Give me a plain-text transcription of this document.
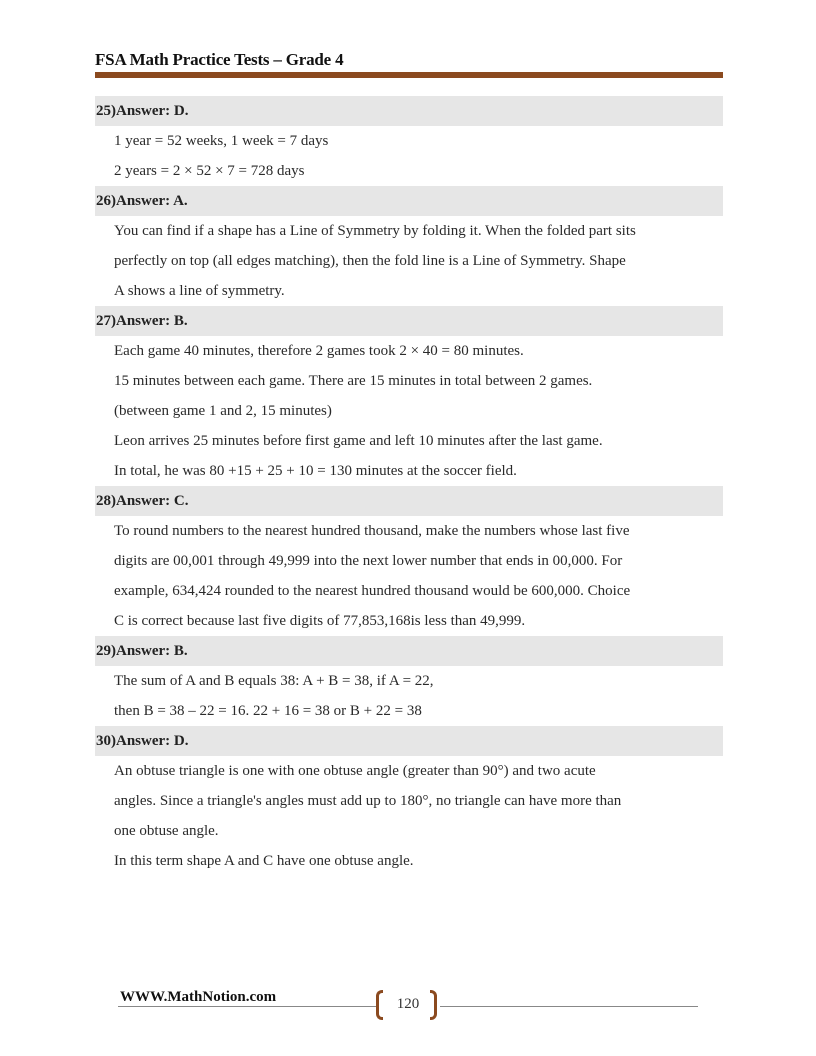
FSA Math Practice Tests – Grade 4
25)Answer: D.
1 year = 52 weeks, 1 week = 7 days
2 years = 2 × 52 × 7 = 728 days
26)Answer: A.
You can find if a shape has a Line of Symmetry by folding it. When the folded part sits
perfectly on top (all edges matching), then the fold line is a Line of Symmetry. Shape
A shows a line of symmetry.
27)Answer: B.
Each game 40 minutes, therefore 2 games took 2 × 40 = 80 minutes.
15 minutes between each game. There are 15 minutes in total between 2 games.
(between game 1 and 2, 15 minutes)
Leon arrives 25 minutes before first game and left 10 minutes after the last game.
In total, he was 80 +15 + 25 + 10 = 130 minutes at the soccer field.
28)Answer: C.
To round numbers to the nearest hundred thousand, make the numbers whose last five
digits are 00,001 through 49,999 into the next lower number that ends in 00,000. For
example, 634,424 rounded to the nearest hundred thousand would be 600,000. Choice
C is correct because last five digits of 77,853,168is less than 49,999.
29)Answer: B.
The sum of A and B equals 38: A + B = 38, if A = 22,
then B = 38 – 22 = 16. 22 + 16 = 38 or B + 22 = 38
30)Answer: D.
An obtuse triangle is one with one obtuse angle (greater than 90°) and two acute
angles. Since a triangle's angles must add up to 180°, no triangle can have more than
one obtuse angle.
In this term shape A and C have one obtuse angle.
WWW.MathNotion.com	120
